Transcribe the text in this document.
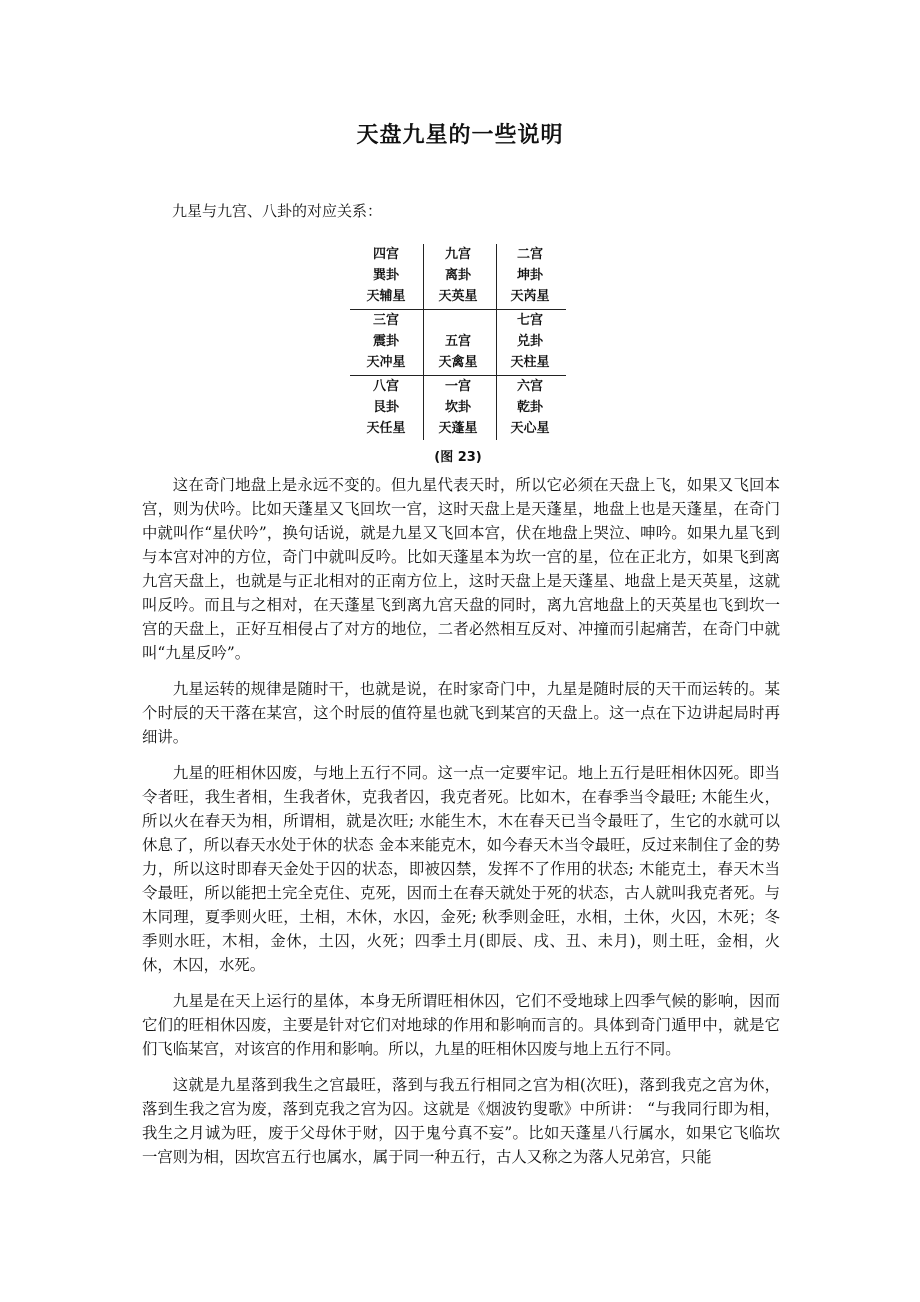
天盘九星的一些说明
九星与九宫、八卦的对应关系：
四宫
巽卦
天辅星
九宫
离卦
天英星
二宫
坤卦
天芮星
三宫
震卦
天冲星
五宫
天禽星
七宫
兑卦
天柱星
八宫
艮卦
天任星
一宫
坎卦
天蓬星
六宫
乾卦
天心星
(图 23)

这在奇门地盘上是永远不变的。但九星代表天时，所以它必须在天盘上飞，如果又飞回本宫，则为伏吟。比如天蓬星又飞回坎一宫，这时天盘上是天蓬星，地盘上也是天蓬星，在奇门中就叫作“星伏吟”，换句话说，就是九星又飞回本宫，伏在地盘上哭泣、呻吟。如果九星飞到与本宫对冲的方位，奇门中就叫反吟。比如天蓬星本为坎一宫的星，位在正北方，如果飞到离九宫天盘上，也就是与正北相对的正南方位上，这时天盘上是天蓬星、地盘上是天英星，这就叫反吟。而且与之相对，在天蓬星飞到离九宫天盘的同时，离九宫地盘上的天英星也飞到坎一宫的天盘上，正好互相侵占了对方的地位，二者必然相互反对、冲撞而引起痛苦，在奇门中就叫“九星反吟”。

九星运转的规律是随时干，也就是说，在时家奇门中，九星是随时辰的天干而运转的。某个时辰的天干落在某宫，这个时辰的值符星也就飞到某宫的天盘上。这一点在下边讲起局时再细讲。

九星的旺相休囚废，与地上五行不同。这一点一定要牢记。地上五行是旺相休囚死。即当令者旺，我生者相，生我者休，克我者囚，我克者死。比如木，在春季当令最旺; 木能生火，所以火在春天为相，所谓相，就是次旺; 水能生木，木在春天已当令最旺了，生它的水就可以休息了，所以春天水处于休的状态 金本来能克木，如今春天木当令最旺，反过来制住了金的势力，所以这时即春天金处于囚的状态，即被囚禁，发挥不了作用的状态; 木能克土，春天木当令最旺，所以能把土完全克住、克死，因而土在春天就处于死的状态，古人就叫我克者死。与木同理，夏季则火旺，土相，木休，水囚，金死; 秋季则金旺，水相，土休，火囚，木死；冬季则水旺，木相，金休，土囚，火死；四季土月(即辰、戌、丑、未月)，则土旺，金相，火休，木囚，水死。

九星是在天上运行的星体，本身无所谓旺相休囚，它们不受地球上四季气候的影响，因而它们的旺相休囚废，主要是针对它们对地球的作用和影响而言的。具体到奇门遁甲中，就是它们飞临某宫，对该宫的作用和影响。所以，九星的旺相休囚废与地上五行不同。

这就是九星落到我生之宫最旺，落到与我五行相同之宫为相(次旺)，落到我克之宫为休，落到生我之宫为废，落到克我之宫为囚。这就是《烟波钓叟歌》中所讲： “与我同行即为相，我生之月诚为旺，废于父母休于财，囚于鬼兮真不妄”。比如天蓬星八行属水，如果它飞临坎一宫则为相，因坎宫五行也属水，属于同一种五行，古人又称之为落人兄弟宫，只能
